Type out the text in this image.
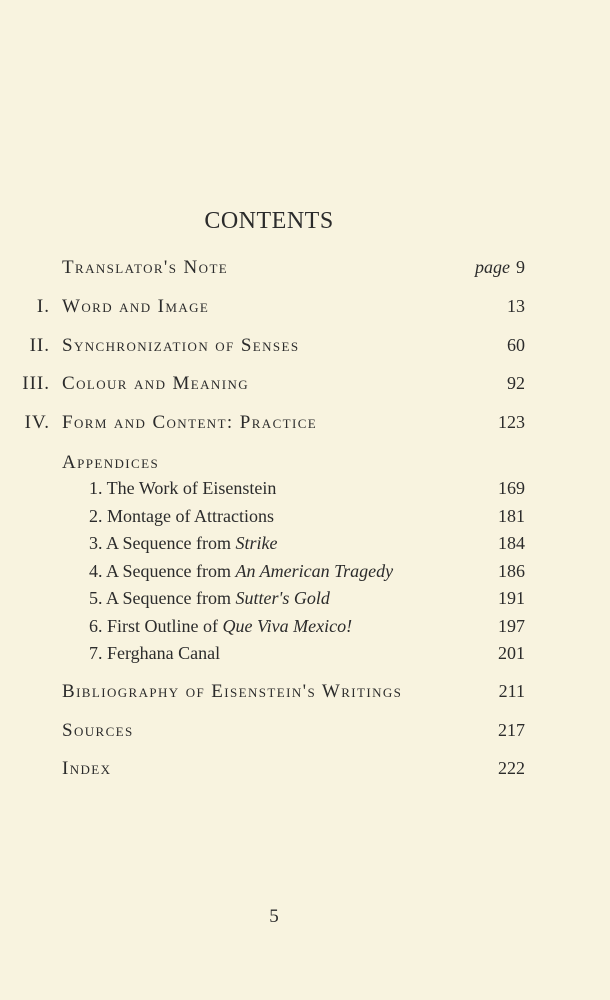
CONTENTS
Translator's Note	page 9
I. Word and Image	13
II. Synchronization of Senses	60
III. Colour and Meaning	92
IV. Form and Content: Practice	123
Appendices
1. The Work of Eisenstein	169
2. Montage of Attractions	181
3. A Sequence from Strike	184
4. A Sequence from An American Tragedy	186
5. A Sequence from Sutter's Gold	191
6. First Outline of Que Viva Mexico!	197
7. Ferghana Canal	201
Bibliography of Eisenstein's Writings	211
Sources	217
Index	222
5
